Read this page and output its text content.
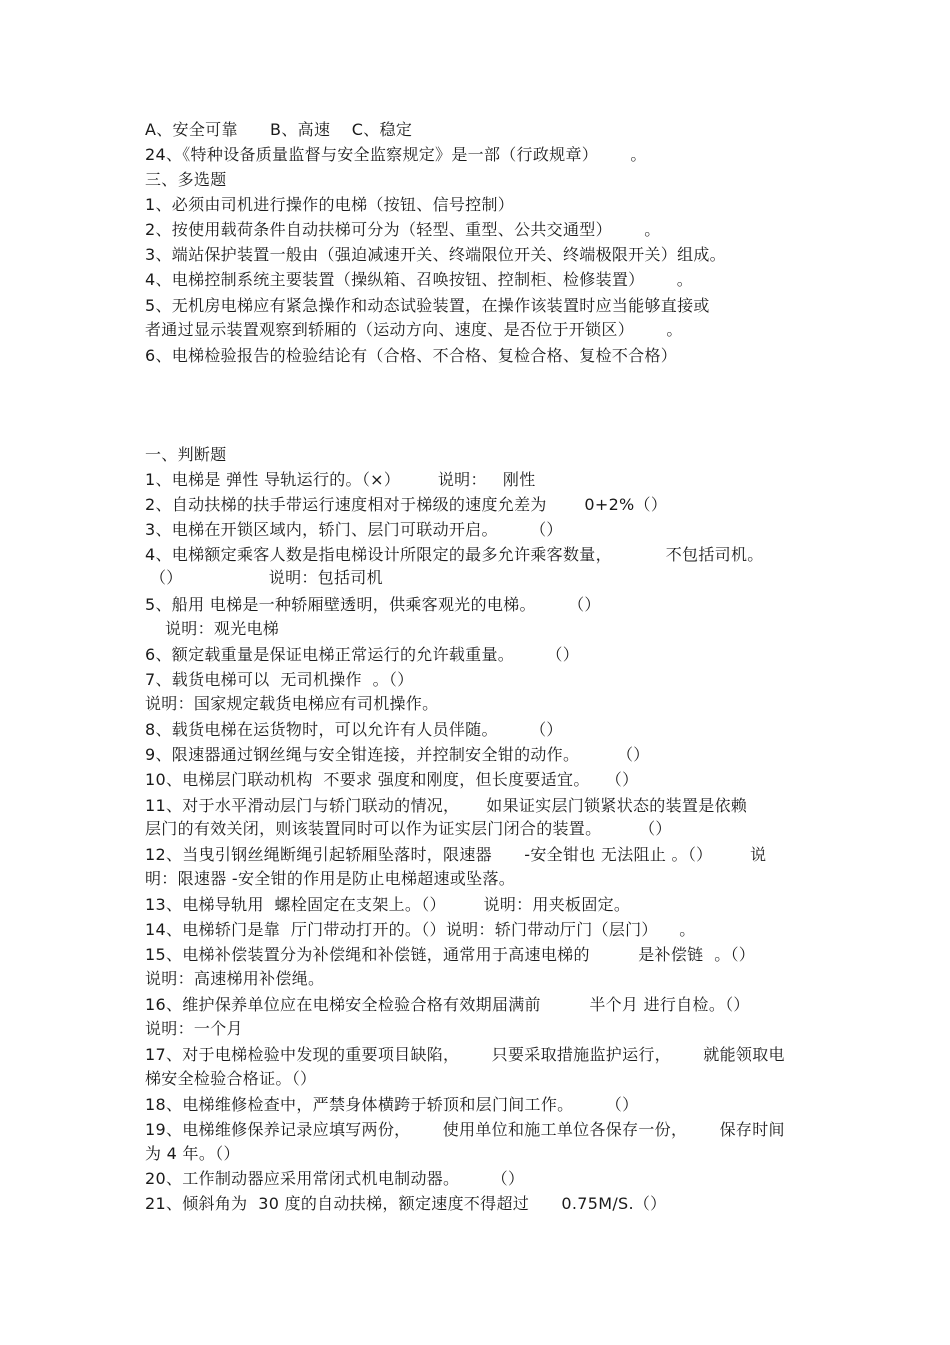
A、安全可靠      B、高速    C、稳定
24、《特种设备质量监督与安全监察规定》是一部（行政规章）      。
三、多选题
1、必须由司机进行操作的电梯（按钮、信号控制）
2、按使用载荷条件自动扶梯可分为（轻型、重型、公共交通型）      。
3、端站保护装置一般由（强迫减速开关、终端限位开关、终端极限开关）组成。
4、电梯控制系统主要装置（操纵箱、召唤按钮、控制柜、检修装置）      。
5、无机房电梯应有紧急操作和动态试验装置，在操作该装置时应当能够直接或
者通过显示装置观察到轿厢的（运动方向、速度、是否位于开锁区）      。
6、电梯检验报告的检验结论有（合格、不合格、复检合格、复检不合格）
一、判断题
1、电梯是 弹性 导轨运行的。（×）       说明：   刚性
2、自动扶梯的扶手带运行速度相对于梯级的速度允差为       0+2%（）
3、电梯在开锁区域内，轿门、层门可联动开启。      （）
4、电梯额定乘客人数是指电梯设计所限定的最多允许乘客数量，          不包括司机。
（）                说明：包括司机
5、船用 电梯是一种轿厢壁透明，供乘客观光的电梯。      （）
说明：观光电梯
6、额定载重量是保证电梯正常运行的允许载重量。      （）
7、载货电梯可以  无司机操作  。（）
说明：国家规定载货电梯应有司机操作。
8、载货电梯在运货物时，可以允许有人员伴随。      （）
9、限速器通过钢丝绳与安全钳连接，并控制安全钳的动作。       （）
10、电梯层门联动机构  不要求 强度和刚度，但长度要适宜。   （）
11、对于水平滑动层门与轿门联动的情况，     如果证实层门锁紧状态的装置是依赖
层门的有效关闭，则该装置同时可以作为证实层门闭合的装置。       （）
12、当曳引钢丝绳断绳引起轿厢坠落时，限速器      -安全钳也 无法阻止 。（）       说
明：限速器 -安全钳的作用是防止电梯超速或坠落。
13、电梯导轨用  螺栓固定在支架上。（）       说明：用夹板固定。
14、电梯轿门是靠  厅门带动打开的。（）说明：轿门带动厅门（层门）    。
15、电梯补偿装置分为补偿绳和补偿链，通常用于高速电梯的         是补偿链  。（）
说明：高速梯用补偿绳。
16、维护保养单位应在电梯安全检验合格有效期届满前         半个月 进行自检。（）
说明：一个月
17、对于电梯检验中发现的重要项目缺陷，      只要采取措施监护运行，      就能领取电
梯安全检验合格证。（）
18、电梯维修检查中，严禁身体横跨于轿顶和层门间工作。      （）
19、电梯维修保养记录应填写两份，      使用单位和施工单位各保存一份，      保存时间
为 4 年。（）
20、工作制动器应采用常闭式机电制动器。      （）
21、倾斜角为  30 度的自动扶梯，额定速度不得超过      0.75M/S.（）
